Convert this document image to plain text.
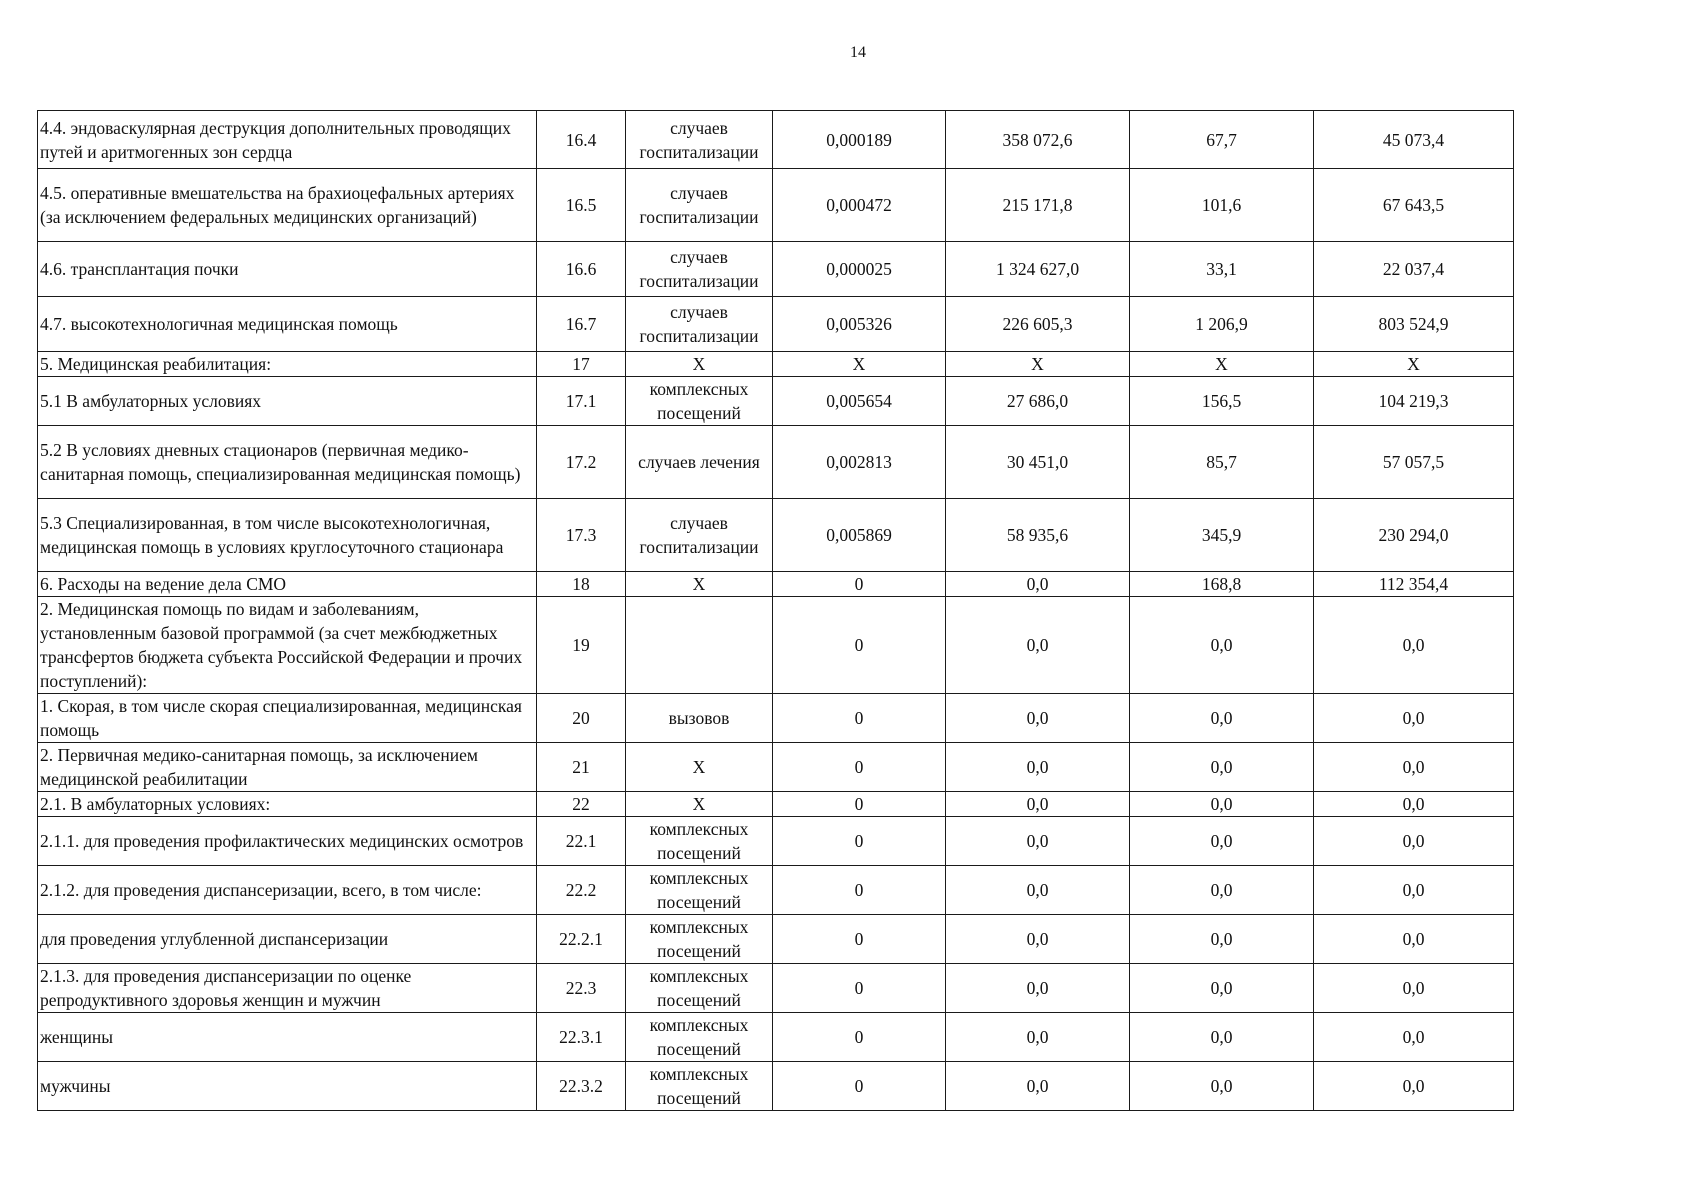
14
4.4. эндоваскулярная деструкция дополнительных проводящих путей и аритмогенных зон сердца	16.4	случаев госпитализации	0,000189	358 072,6	67,7	45 073,4
4.5. оперативные вмешательства на брахиоцефальных артериях (за исключением федеральных медицинских организаций)	16.5	случаев госпитализации	0,000472	215 171,8	101,6	67 643,5
4.6. трансплантация почки	16.6	случаев госпитализации	0,000025	1 324 627,0	33,1	22 037,4
4.7. высокотехнологичная медицинская помощь	16.7	случаев госпитализации	0,005326	226 605,3	1 206,9	803 524,9
5. Медицинская реабилитация:	17	Х	Х	Х	Х	Х
5.1 В амбулаторных условиях	17.1	комплексных посещений	0,005654	27 686,0	156,5	104 219,3
5.2 В условиях дневных стационаров (первичная медико-санитарная помощь, специализированная медицинская помощь)	17.2	случаев лечения	0,002813	30 451,0	85,7	57 057,5
5.3 Специализированная, в том числе высокотехнологичная, медицинская помощь в условиях круглосуточного стационара	17.3	случаев госпитализации	0,005869	58 935,6	345,9	230 294,0
6. Расходы на ведение дела СМО	18	Х	0	0,0	168,8	112 354,4
2. Медицинская помощь по видам и заболеваниям, установленным базовой программой (за счет межбюджетных трансфертов бюджета субъекта Российской Федерации и прочих поступлений):	19		0	0,0	0,0	0,0
1. Скорая, в том числе скорая специализированная, медицинская помощь	20	вызовов	0	0,0	0,0	0,0
2. Первичная медико-санитарная помощь, за исключением медицинской реабилитации	21	Х	0	0,0	0,0	0,0
2.1. В амбулаторных условиях:	22	Х	0	0,0	0,0	0,0
2.1.1. для проведения профилактических медицинских осмотров	22.1	комплексных посещений	0	0,0	0,0	0,0
2.1.2. для проведения диспансеризации, всего, в том числе:	22.2	комплексных посещений	0	0,0	0,0	0,0
для проведения углубленной диспансеризации	22.2.1	комплексных посещений	0	0,0	0,0	0,0
2.1.3. для проведения диспансеризации по оценке репродуктивного здоровья женщин и мужчин	22.3	комплексных посещений	0	0,0	0,0	0,0
женщины	22.3.1	комплексных посещений	0	0,0	0,0	0,0
мужчины	22.3.2	комплексных посещений	0	0,0	0,0	0,0
